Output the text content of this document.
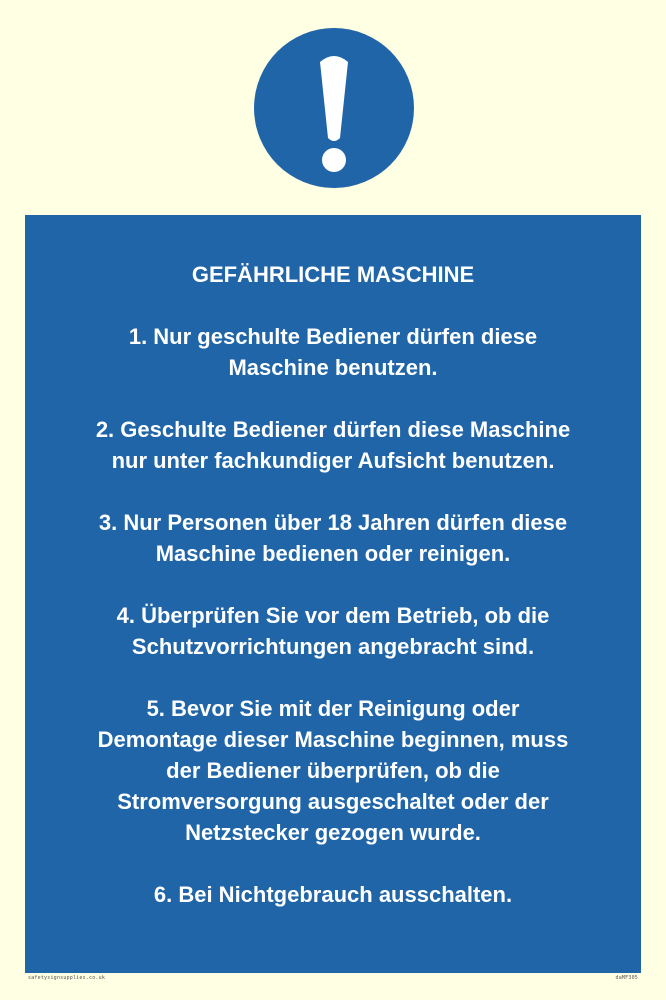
GEFÄHRLICHE MASCHINE
1. Nur geschulte Bediener dürfen diese
Maschine benutzen.
2. Geschulte Bediener dürfen diese Maschine
nur unter fachkundiger Aufsicht benutzen.
3. Nur Personen über 18 Jahren dürfen diese
Maschine bedienen oder reinigen.
4. Überprüfen Sie vor dem Betrieb, ob die
Schutzvorrichtungen angebracht sind.
5. Bevor Sie mit der Reinigung oder
Demontage dieser Maschine beginnen, muss
der Bediener überprüfen, ob die
Stromversorgung ausgeschaltet oder der
Netzstecker gezogen wurde.
6. Bei Nichtgebrauch ausschalten.
safetysignsupplies.co.uk	daMF305
